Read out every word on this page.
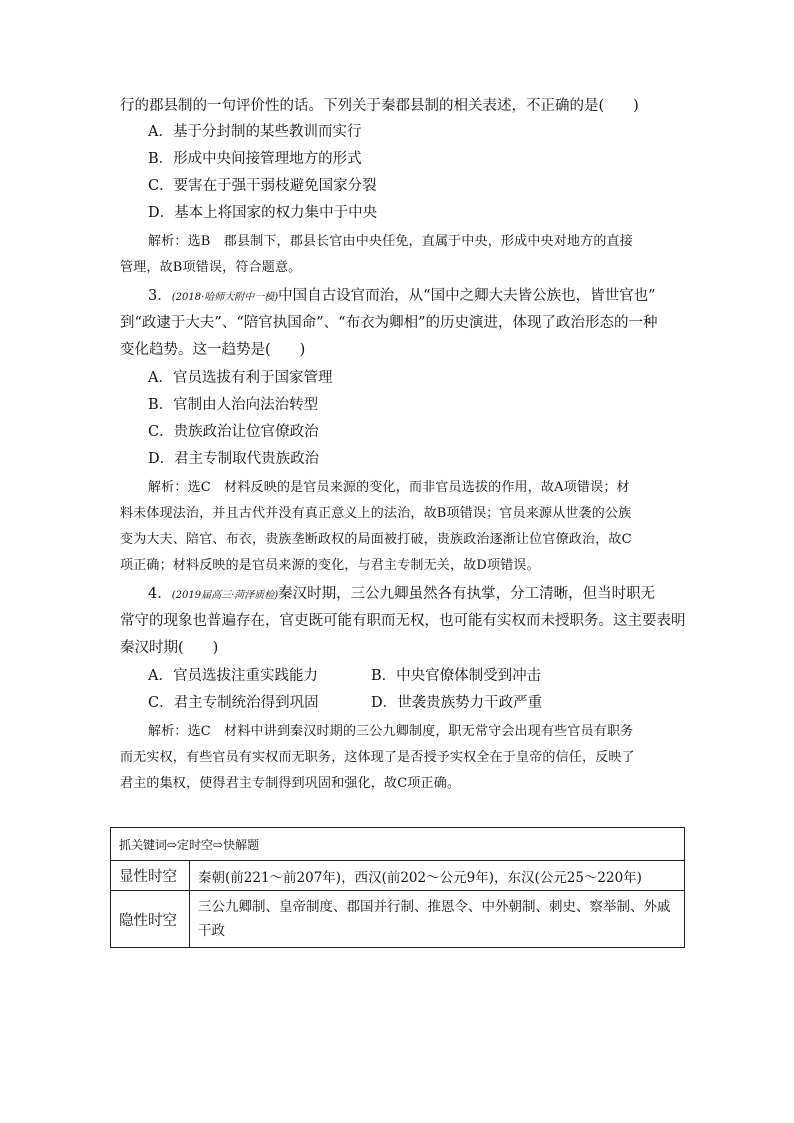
行的郡县制的一句评价性的话。下列关于秦郡县制的相关表述，不正确的是(　　)
A．基于分封制的某些教训而实行
B．形成中央间接管理地方的形式
C．要害在于强干弱枝避免国家分裂
D．基本上将国家的权力集中于中央
解析：选B　郡县制下，郡县长官由中央任免，直属于中央，形成中央对地方的直接
管理，故B项错误，符合题意。
3．(2018·哈师大附中一模)中国自古设官而治，从“国中之卿大夫皆公族也，皆世官也”
到“政逮于大夫”、“陪官执国命”、“布衣为卿相”的历史演进，体现了政治形态的一种
变化趋势。这一趋势是(　　)
A．官员选拔有利于国家管理
B．官制由人治向法治转型
C．贵族政治让位官僚政治
D．君主专制取代贵族政治
解析：选C　材料反映的是官员来源的变化，而非官员选拔的作用，故A项错误；材
料未体现法治，并且古代并没有真正意义上的法治，故B项错误；官员来源从世袭的公族
变为大夫、陪官、布衣，贵族垄断政权的局面被打破，贵族政治逐渐让位官僚政治，故C
项正确；材料反映的是官员来源的变化，与君主专制无关，故D项错误。
4．(2019届高三·菏泽质检)秦汉时期，三公九卿虽然各有执掌，分工清晰，但当时职无
常守的现象也普遍存在，官吏既可能有职而无权，也可能有实权而未授职务。这主要表明
秦汉时期(　　)
A．官员选拔注重实践能力	B．中央官僚体制受到冲击
C．君主专制统治得到巩固	D．世袭贵族势力干政严重
解析：选C　材料中讲到秦汉时期的三公九卿制度，职无常守会出现有些官员有职务
而无实权，有些官员有实权而无职务，这体现了是否授予实权全在于皇帝的信任，反映了
君主的集权，使得君主专制得到巩固和强化，故C项正确。
抓关键词⇨定时空⇨快解题	
显性时空	秦朝(前221～前207年)，西汉(前202～公元9年)，东汉(公元25～220年)
隐性时空	三公九卿制、皇帝制度、郡国并行制、推恩令、中外朝制、刺史、察举制、外戚干政
